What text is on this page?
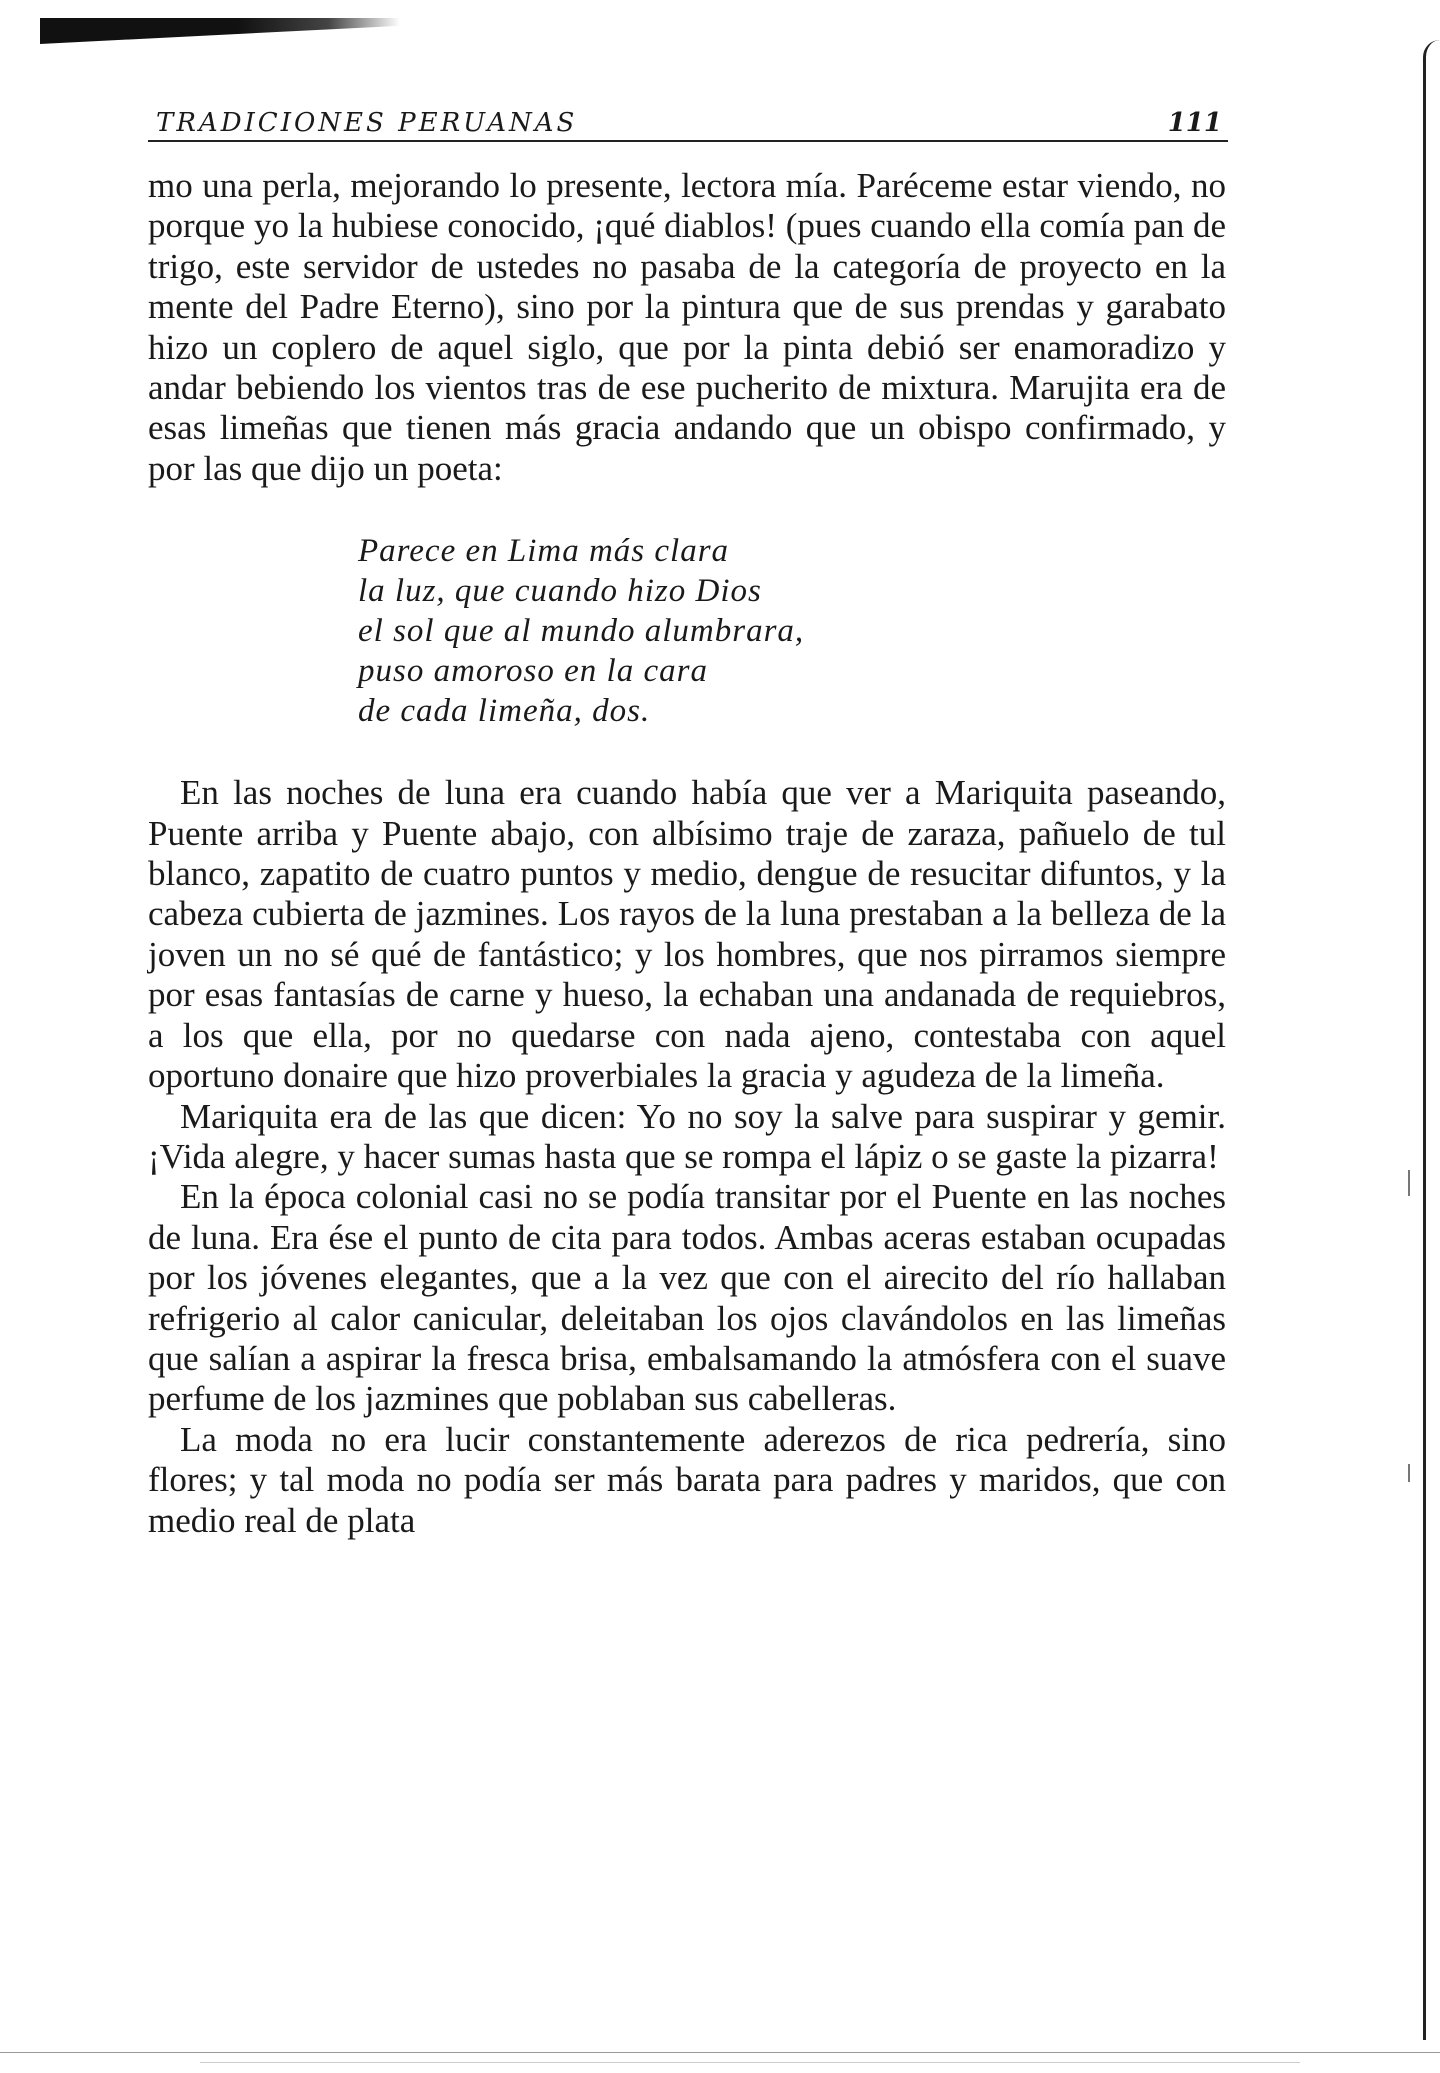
TRADICIONES PERUANAS	111

mo una perla, mejorando lo presente, lectora mía. Paréceme estar viendo, no porque yo la hubiese conocido, ¡qué diablos! (pues cuando ella comía pan de trigo, este servidor de ustedes no pasaba de la categoría de proyecto en la mente del Padre Eterno), sino por la pintura que de sus prendas y garabato hizo un coplero de aquel siglo, que por la pinta debió ser enamoradizo y andar bebiendo los vientos tras de ese pucherito de mixtura. Marujita era de esas limeñas que tienen más gracia andando que un obispo confirmado, y por las que dijo un poeta:

Parece en Lima más clara
la luz, que cuando hizo Dios
el sol que al mundo alumbrara,
puso amoroso en la cara
de cada limeña, dos.

En las noches de luna era cuando había que ver a Mariquita paseando, Puente arriba y Puente abajo, con albísimo traje de zaraza, pañuelo de tul blanco, zapatito de cuatro puntos y medio, dengue de resucitar difuntos, y la cabeza cubierta de jazmines. Los rayos de la luna prestaban a la belleza de la joven un no sé qué de fantástico; y los hombres, que nos pirramos siempre por esas fantasías de carne y hueso, la echaban una andanada de requiebros, a los que ella, por no quedarse con nada ajeno, contestaba con aquel oportuno donaire que hizo proverbiales la gracia y agudeza de la limeña.

Mariquita era de las que dicen: Yo no soy la salve para suspirar y gemir. ¡Vida alegre, y hacer sumas hasta que se rompa el lápiz o se gaste la pizarra!

En la época colonial casi no se podía transitar por el Puente en las noches de luna. Era ése el punto de cita para todos. Ambas aceras estaban ocupadas por los jóvenes elegantes, que a la vez que con el airecito del río hallaban refrigerio al calor canicular, deleitaban los ojos clavándolos en las limeñas que salían a aspirar la fresca brisa, embalsamando la atmósfera con el suave perfume de los jazmines que poblaban sus cabelleras.

La moda no era lucir constantemente aderezos de rica pedrería, sino flores; y tal moda no podía ser más barata para padres y maridos, que con medio real de plata
